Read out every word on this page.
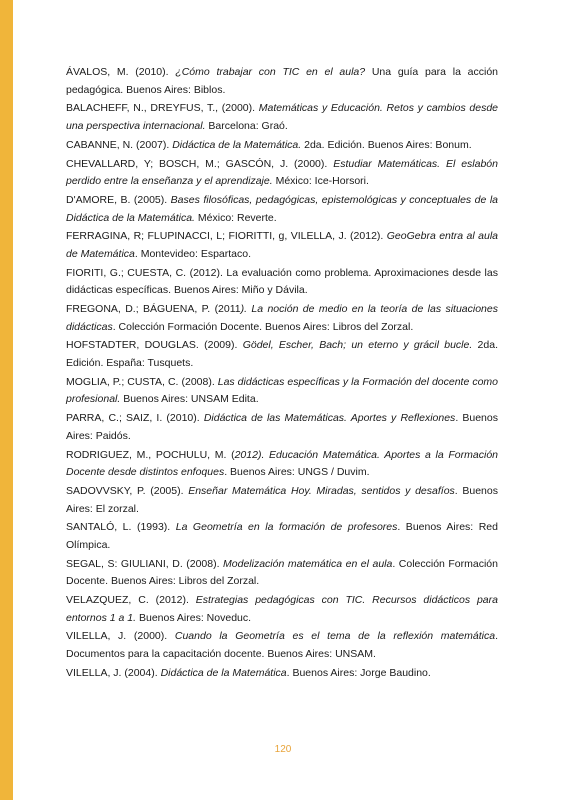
ÁVALOS, M. (2010). ¿Cómo trabajar con TIC en el aula? Una guía para la acción pedagógica. Buenos Aires: Biblos.

BALACHEFF, N., DREYFUS, T., (2000). Matemáticas y Educación. Retos y cambios desde una perspectiva internacional. Barcelona: Graó.

CABANNE, N. (2007). Didáctica de la Matemática. 2da. Edición. Buenos Aires: Bonum.

CHEVALLARD, Y; BOSCH, M.; GASCÓN, J. (2000). Estudiar Matemáticas. El eslabón perdido entre la enseñanza y el aprendizaje. México: Ice-Horsori.

D'AMORE, B. (2005). Bases filosóficas, pedagógicas, epistemológicas y conceptuales de la Didáctica de la Matemática. México: Reverte.

FERRAGINA, R; FLUPINACCI, L; FIORITTI, g, VILELLA, J. (2012). GeoGebra entra al aula de Matemática. Montevideo: Espartaco.

FIORITI, G.; CUESTA, C. (2012). La evaluación como problema. Aproximaciones desde las didácticas específicas. Buenos Aires: Miño y Dávila.

FREGONA, D.; BÁGUENA, P. (2011). La noción de medio en la teoría de las situaciones didácticas. Colección Formación Docente. Buenos Aires: Libros del Zorzal.

HOFSTADTER, DOUGLAS. (2009). Gödel, Escher, Bach; un eterno y grácil bucle. 2da. Edición. España: Tusquets.

MOGLIA, P.; CUSTA, C. (2008). Las didácticas específicas y la Formación del docente como profesional. Buenos Aires: UNSAM Edita.

PARRA, C.; SAIZ, I. (2010). Didáctica de las Matemáticas. Aportes y Reflexiones. Buenos Aires: Paidós.

RODRIGUEZ, M., POCHULU, M. (2012). Educación Matemática. Aportes a la Formación Docente desde distintos enfoques. Buenos Aires: UNGS / Duvim.

SADOVVSKY, P. (2005). Enseñar Matemática Hoy. Miradas, sentidos y desafíos. Buenos Aires: El zorzal.

SANTALÓ, L. (1993). La Geometría en la formación de profesores. Buenos Aires: Red Olímpica.

SEGAL, S: GIULIANI, D. (2008). Modelización matemática en el aula. Colección Formación Docente. Buenos Aires: Libros del Zorzal.

VELAZQUEZ, C. (2012). Estrategias pedagógicas con TIC. Recursos didácticos para entornos 1 a 1. Buenos Aires: Noveduc.

VILELLA, J. (2000). Cuando la Geometría es el tema de la reflexión matemática. Documentos para la capacitación docente. Buenos Aires: UNSAM.

VILELLA, J. (2004). Didáctica de la Matemática. Buenos Aires: Jorge Baudino.

120
